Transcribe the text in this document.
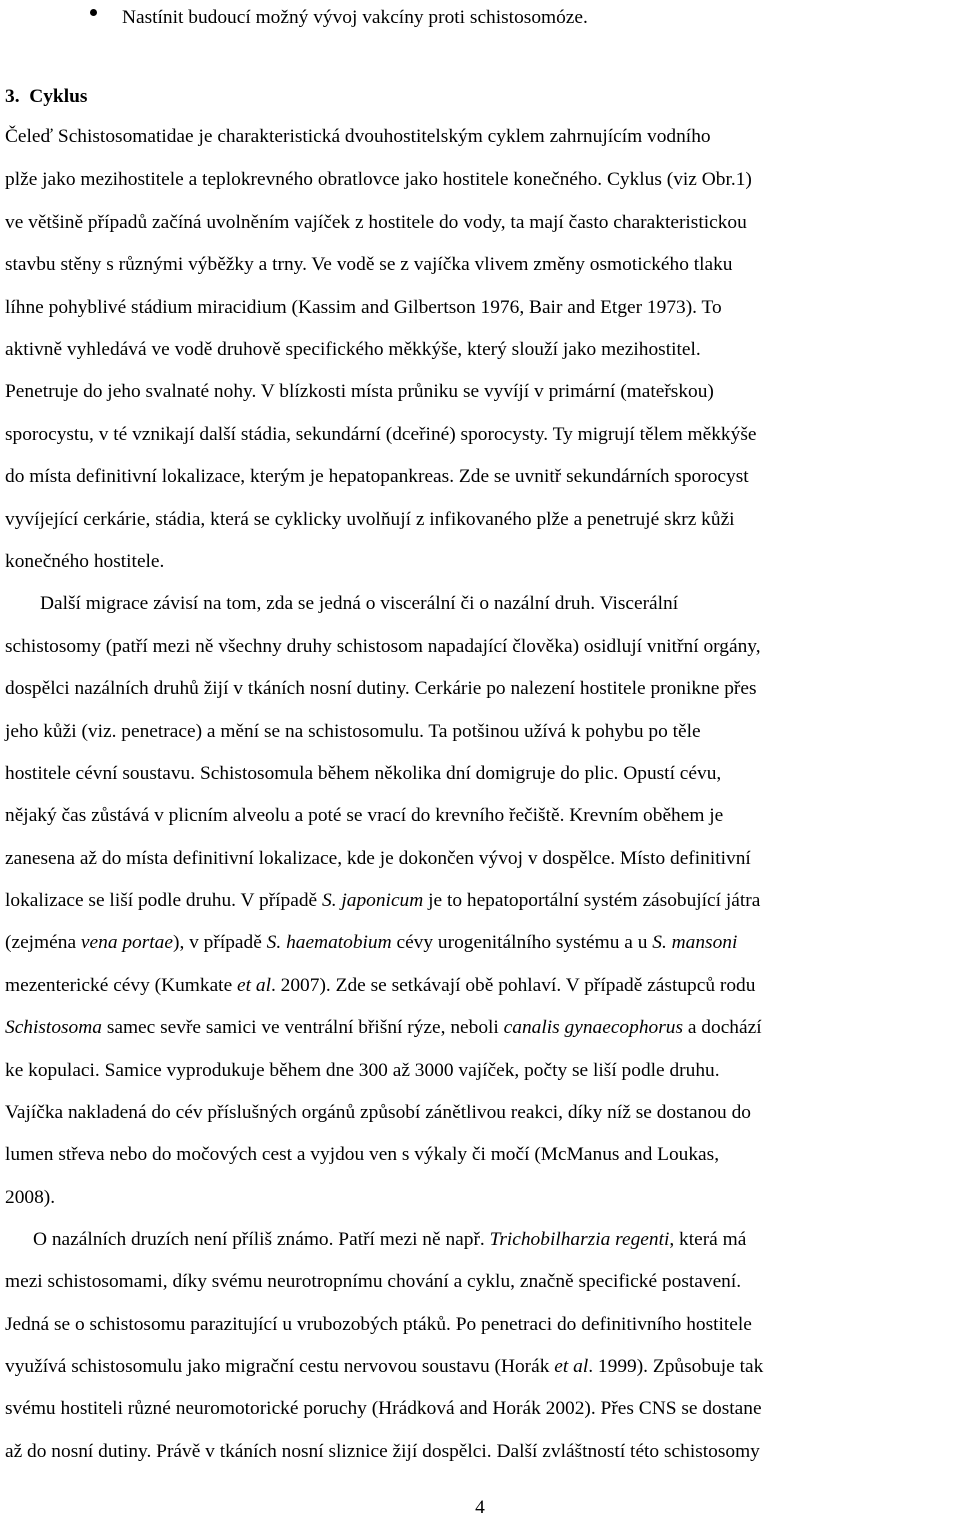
Nastínit budoucí možný vývoj vakcíny proti schistosomóze.
3.  Cyklus
Čeleď Schistosomatidae je charakteristická dvouhostitelským cyklem zahrnujícím vodního
plže jako mezihostitele a teplokrevného obratlovce jako hostitele konečného. Cyklus (viz Obr.1)
ve většině případů začíná uvolněním vajíček z hostitele do vody, ta mají často charakteristickou
stavbu stěny s různými výběžky a trny. Ve vodě se z vajíčka vlivem změny osmotického tlaku
líhne pohyblivé stádium miracidium (Kassim and Gilbertson 1976, Bair and Etger 1973). To
aktivně vyhledává ve vodě druhově specifického měkkýše, který slouží jako mezihostitel.
Penetruje do jeho svalnaté nohy. V blízkosti místa průniku se vyvíjí v primární (mateřskou)
sporocystu, v té vznikají další stádia, sekundární (dceřiné) sporocysty. Ty migrují tělem měkkýše
do místa definitivní lokalizace, kterým je hepatopankreas. Zde se uvnitř sekundárních sporocyst
vyvíjející cerkárie, stádia, která se cyklicky uvolňují z infikovaného plže a penetrujé skrz kůži
konečného hostitele.
Další migrace závisí na tom, zda se jedná o viscerální či o nazální druh. Viscerální
schistosomy (patří mezi ně všechny druhy schistosom napadající člověka) osidlují vnitřní orgány,
dospělci nazálních druhů žijí v tkáních nosní dutiny. Cerkárie po nalezení hostitele pronikne přes
jeho kůži (viz. penetrace) a mění se na schistosomulu. Ta potšinou užívá k pohybu po těle
hostitele cévní soustavu. Schistosomula během několika dní domigruje do plic. Opustí cévu,
nějaký čas zůstává v plicním alveolu a poté se vrací do krevního řečiště. Krevním oběhem je
zanesena až do místa definitivní lokalizace, kde je dokončen vývoj v dospělce. Místo definitivní
lokalizace se liší podle druhu. V případě S. japonicum je to hepatoportální systém zásobující játra
(zejména vena portae), v případě S. haematobium cévy urogenitálního systému a u S. mansoni
mezenterické cévy (Kumkate et al. 2007). Zde se setkávají obě pohlaví. V případě zástupců rodu
Schistosoma samec sevře samici ve ventrální břišní rýze, neboli canalis gynaecophorus a dochází
ke kopulaci. Samice vyprodukuje během dne 300 až 3000 vajíček, počty se liší podle druhu.
Vajíčka nakladená do cév příslušných orgánů způsobí zánětlivou reakci, díky níž se dostanou do
lumen střeva nebo do močových cest a vyjdou ven s výkaly či močí (McManus and Loukas,
2008).
O nazálních druzích není příliš známo. Patří mezi ně např. Trichobilharzia regenti, která má
mezi schistosomami, díky svému neurotropnímu chování a cyklu, značně specifické postavení.
Jedná se o schistosomu parazitující u vrubozobých ptáků. Po penetraci do definitivního hostitele
využívá schistosomulu jako migrační cestu nervovou soustavu (Horák et al. 1999). Způsobuje tak
svému hostiteli různé neuromotorické poruchy (Hrádková and Horák 2002). Přes CNS se dostane
až do nosní dutiny. Právě v tkáních nosní sliznice žijí dospělci. Další zvláštností této schistosomy
4
